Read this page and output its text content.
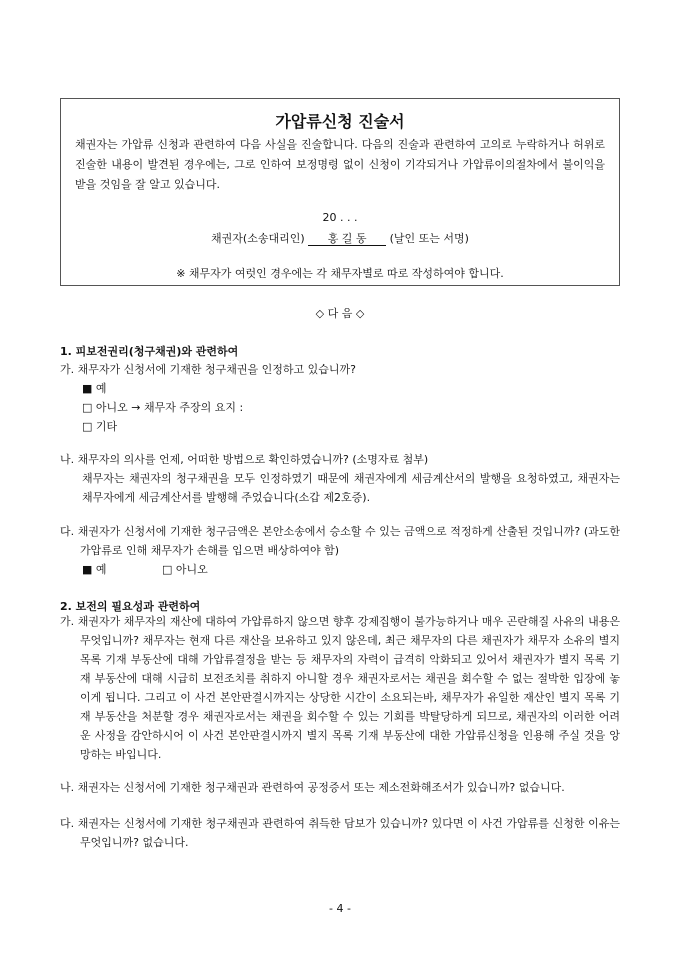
가압류신청 진술서
채권자는 가압류 신청과 관련하여 다음 사실을 진술합니다. 다음의 진술과 관련하여 고의로 누락하거나 허위로 진술한 내용이 발견된 경우에는, 그로 인하여 보정명령 없이 신청이 기각되거나 가압류이의절차에서 불이익을 받을 것임을 잘 알고 있습니다.
20 . . .
채권자(소송대리인) 홍 길 동 (날인 또는 서명)
※ 채무자가 여럿인 경우에는 각 채무자별로 따로 작성하여야 합니다.
◇ 다 음 ◇
1. 피보전권리(청구채권)와 관련하여
가. 채무자가 신청서에 기재한 청구채권을 인정하고 있습니까?
■ 예
□ 아니오 → 채무자 주장의 요지 :
□ 기타
나. 채무자의 의사를 언제, 어떠한 방법으로 확인하였습니까? (소명자료 첨부)
채무자는 채권자의 청구채권을 모두 인정하였기 때문에 채권자에게 세금계산서의 발행을 요청하였고, 채권자는 채무자에게 세금계산서를 발행해 주었습니다(소갑 제2호증).
다. 채권자가 신청서에 기재한 청구금액은 본안소송에서 승소할 수 있는 금액으로 적정하게 산출된 것입니까? (과도한 가압류로 인해 채무자가 손해를 입으면 배상하여야 함)
■ 예	□ 아니오
2. 보전의 필요성과 관련하여
가. 채권자가 채무자의 재산에 대하여 가압류하지 않으면 향후 강제집행이 불가능하거나 매우 곤란해질 사유의 내용은 무엇입니까? 채무자는 현재 다른 재산을 보유하고 있지 않은데, 최근 채무자의 다른 채권자가 채무자 소유의 별지 목록 기재 부동산에 대해 가압류결정을 받는 등 채무자의 자력이 급격히 악화되고 있어서 채권자가 별지 목록 기재 부동산에 대해 시급히 보전조치를 취하지 아니할 경우 채권자로서는 채권을 회수할 수 없는 절박한 입장에 놓이게 됩니다. 그리고 이 사건 본안판결시까지는 상당한 시간이 소요되는바, 채무자가 유일한 재산인 별지 목록 기재 부동산을 처분할 경우 채권자로서는 채권을 회수할 수 있는 기회를 박탈당하게 되므로, 채권자의 이러한 어려운 사정을 감안하시어 이 사건 본안판결시까지 별지 목록 기재 부동산에 대한 가압류신청을 인용해 주실 것을 앙망하는 바입니다.
나. 채권자는 신청서에 기재한 청구채권과 관련하여 공정증서 또는 제소전화해조서가 있습니까? 없습니다.
다. 채권자는 신청서에 기재한 청구채권과 관련하여 취득한 담보가 있습니까? 있다면 이 사건 가압류를 신청한 이유는 무엇입니까? 없습니다.
- 4 -
